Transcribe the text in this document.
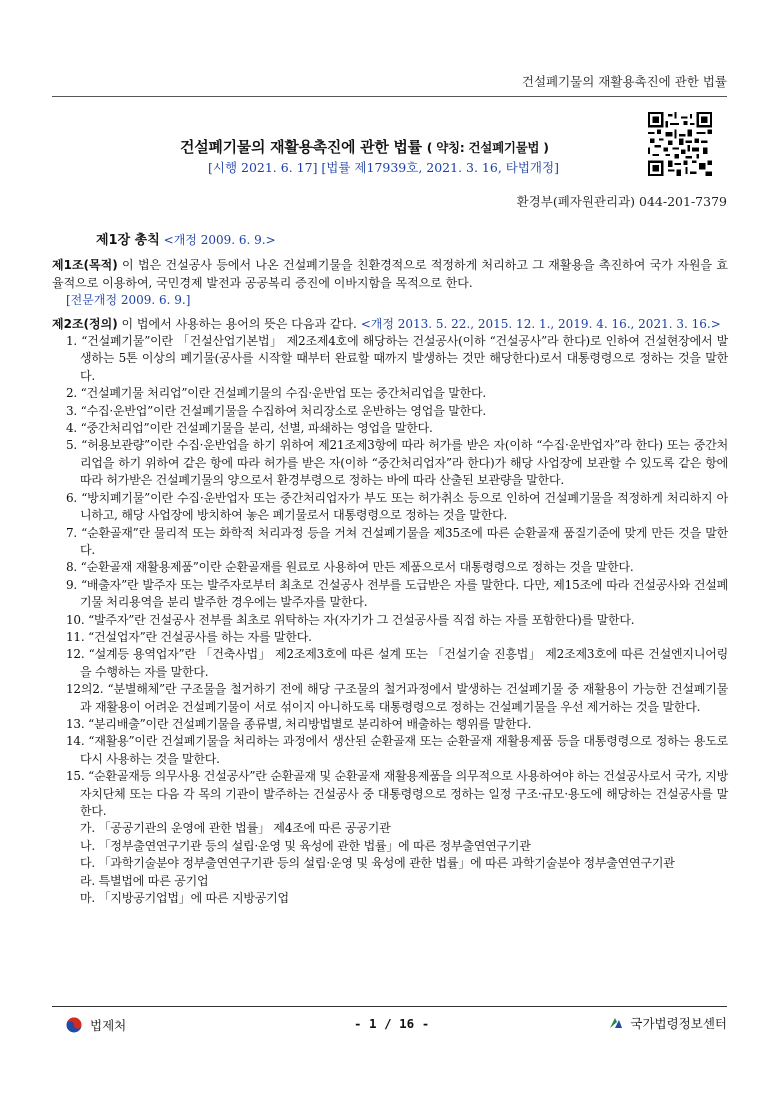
건설폐기물의 재활용촉진에 관한 법률
건설폐기물의 재활용촉진에 관한 법률 ( 약칭: 건설폐기물법 )
[시행 2021. 6. 17] [법률 제17939호, 2021. 3. 16, 타법개정]
환경부(폐자원관리과) 044-201-7379
제1장 총칙 <개정 2009. 6. 9.>
제1조(목적) 이 법은 건설공사 등에서 나온 건설폐기물을 친환경적으로 적정하게 처리하고 그 재활용을 촉진하여 국가 자원을 효율적으로 이용하여, 국민경제 발전과 공공복리 증진에 이바지함을 목적으로 한다.
[전문개정 2009. 6. 9.]
제2조(정의) 이 법에서 사용하는 용어의 뜻은 다음과 같다. <개정 2013. 5. 22., 2015. 12. 1., 2019. 4. 16., 2021. 3. 16.>
1. “건설폐기물”이란 「건설산업기본법」 제2조제4호에 해당하는 건설공사(이하 “건설공사”라 한다)로 인하여 건설현장에서 발생하는 5톤 이상의 폐기물(공사를 시작할 때부터 완료할 때까지 발생하는 것만 해당한다)로서 대통령령으로 정하는 것을 말한다.
2. “건설폐기물 처리업”이란 건설폐기물의 수집·운반업 또는 중간처리업을 말한다.
3. “수집·운반업”이란 건설폐기물을 수집하여 처리장소로 운반하는 영업을 말한다.
4. “중간처리업”이란 건설폐기물을 분리, 선별, 파쇄하는 영업을 말한다.
5. “허용보관량”이란 수집·운반업을 하기 위하여 제21조제3항에 따라 허가를 받은 자(이하 “수집·운반업자”라 한다) 또는 중간처리업을 하기 위하여 같은 항에 따라 허가를 받은 자(이하 “중간처리업자”라 한다)가 해당 사업장에 보관할 수 있도록 같은 항에 따라 허가받은 건설폐기물의 양으로서 환경부령으로 정하는 바에 따라 산출된 보관량을 말한다.
6. “방치폐기물”이란 수집·운반업자 또는 중간처리업자가 부도 또는 허가취소 등으로 인하여 건설폐기물을 적정하게 처리하지 아니하고, 해당 사업장에 방치하여 놓은 폐기물로서 대통령령으로 정하는 것을 말한다.
7. “순환골재”란 물리적 또는 화학적 처리과정 등을 거쳐 건설폐기물을 제35조에 따른 순환골재 품질기준에 맞게 만든 것을 말한다.
8. “순환골재 재활용제품”이란 순환골재를 원료로 사용하여 만든 제품으로서 대통령령으로 정하는 것을 말한다.
9. “배출자”란 발주자 또는 발주자로부터 최초로 건설공사 전부를 도급받은 자를 말한다. 다만, 제15조에 따라 건설공사와 건설폐기물 처리용역을 분리 발주한 경우에는 발주자를 말한다.
10. “발주자”란 건설공사 전부를 최초로 위탁하는 자(자기가 그 건설공사를 직접 하는 자를 포함한다)를 말한다.
11. “건설업자”란 건설공사를 하는 자를 말한다.
12. “설계등 용역업자”란 「건축사법」 제2조제3호에 따른 설계 또는 「건설기술 진흥법」 제2조제3호에 따른 건설엔지니어링을 수행하는 자를 말한다.
12의2. “분별해체”란 구조물을 철거하기 전에 해당 구조물의 철거과정에서 발생하는 건설폐기물 중 재활용이 가능한 건설폐기물과 재활용이 어려운 건설폐기물이 서로 섞이지 아니하도록 대통령령으로 정하는 건설폐기물을 우선 제거하는 것을 말한다.
13. “분리배출”이란 건설폐기물을 종류별, 처리방법별로 분리하여 배출하는 행위를 말한다.
14. “재활용”이란 건설폐기물을 처리하는 과정에서 생산된 순환골재 또는 순환골재 재활용제품 등을 대통령령으로 정하는 용도로 다시 사용하는 것을 말한다.
15. “순환골재등 의무사용 건설공사”란 순환골재 및 순환골재 재활용제품을 의무적으로 사용하여야 하는 건설공사로서 국가, 지방자치단체 또는 다음 각 목의 기관이 발주하는 건설공사 중 대통령령으로 정하는 일정 구조·규모·용도에 해당하는 건설공사를 말한다.
가. 「공공기관의 운영에 관한 법률」 제4조에 따른 공공기관
나. 「정부출연연구기관 등의 설립·운영 및 육성에 관한 법률」에 따른 정부출연연구기관
다. 「과학기술분야 정부출연연구기관 등의 설립·운영 및 육성에 관한 법률」에 따른 과학기술분야 정부출연연구기관
라. 특별법에 따른 공기업
마. 「지방공기업법」에 따른 지방공기업
법제처	- 1 / 16 -	국가법령정보센터
